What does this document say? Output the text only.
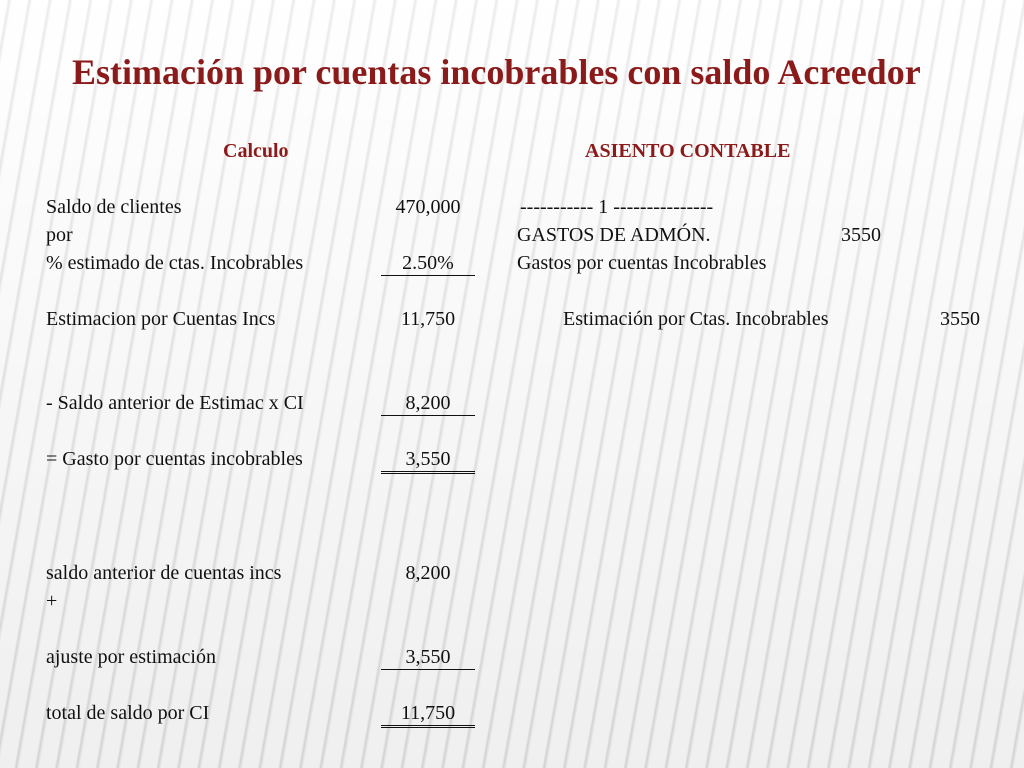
Estimación por cuentas incobrables con saldo Acreedor
Calculo	ASIENTO CONTABLE

Saldo de clientes	470,000

por

% estimado de ctas. Incobrables	2.50%

Estimacion por Cuentas Incs	11,750

- Saldo anterior de Estimac x CI	8,200

= Gasto por cuentas incobrables	3,550

saldo anterior de cuentas incs	8,200

+

ajuste por estimación	3,550

total de saldo por CI	11,750

----------- 1 ---------------

GASTOS DE ADMÓN.	3550

Gastos por cuentas Incobrables

Estimación por Ctas. Incobrables	3550
